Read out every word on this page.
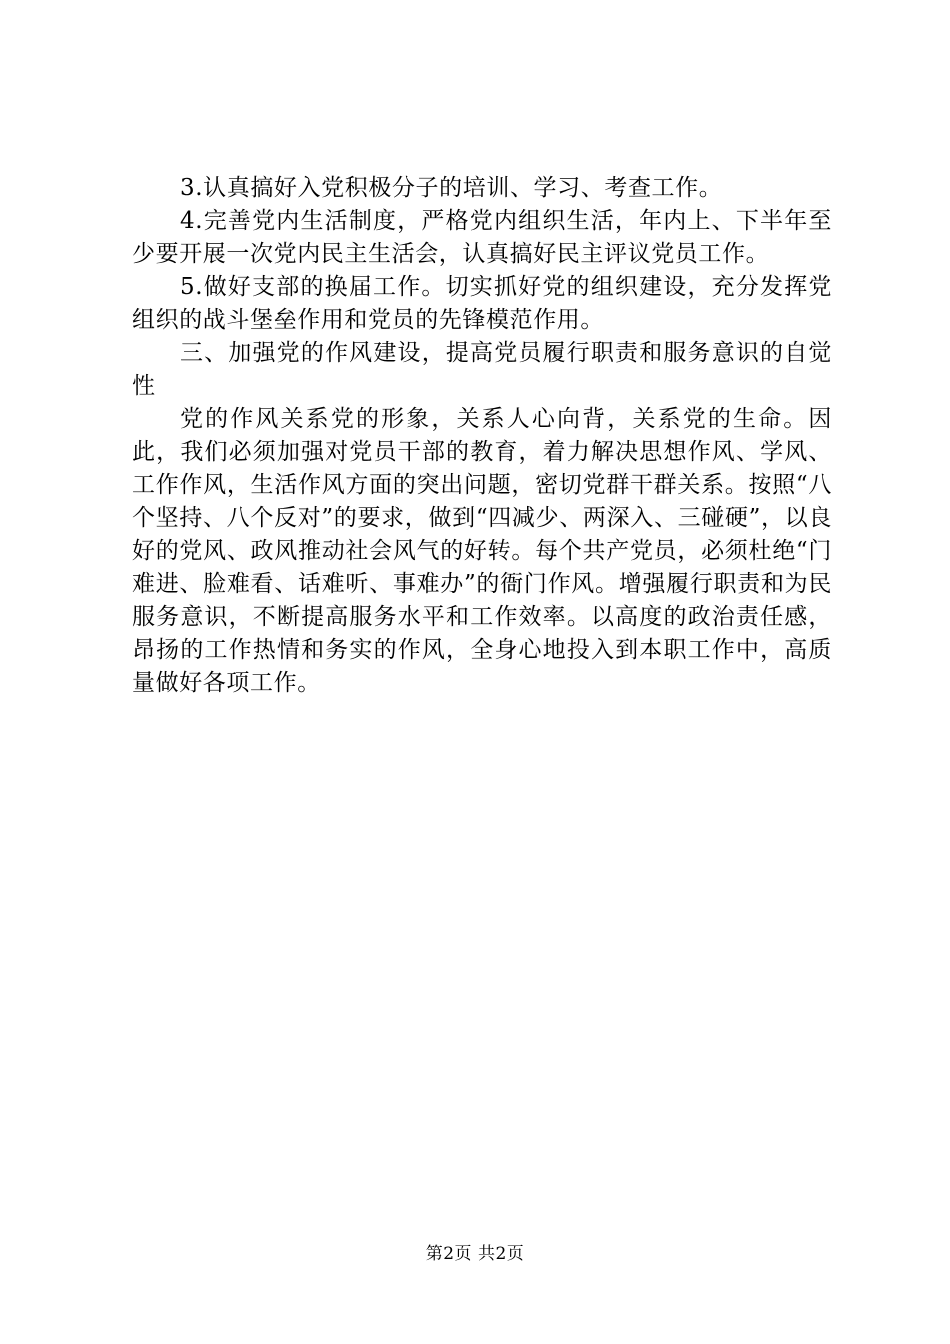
3.认真搞好入党积极分子的培训、学习、考查工作。

4.完善党内生活制度，严格党内组织生活，年内上、下半年至少要开展一次党内民主生活会，认真搞好民主评议党员工作。

5.做好支部的换届工作。切实抓好党的组织建设，充分发挥党组织的战斗堡垒作用和党员的先锋模范作用。

三、加强党的作风建设，提高党员履行职责和服务意识的自觉性

党的作风关系党的形象，关系人心向背，关系党的生命。因此，我们必须加强对党员干部的教育，着力解决思想作风、学风、工作作风，生活作风方面的突出问题，密切党群干群关系。按照“八个坚持、八个反对”的要求，做到“四减少、两深入、三碰硬”，以良好的党风、政风推动社会风气的好转。每个共产党员，必须杜绝“门难进、脸难看、话难听、事难办”的衙门作风。增强履行职责和为民服务意识，不断提高服务水平和工作效率。以高度的政治责任感，昂扬的工作热情和务实的作风，全身心地投入到本职工作中，高质量做好各项工作。

第2页 共2页
